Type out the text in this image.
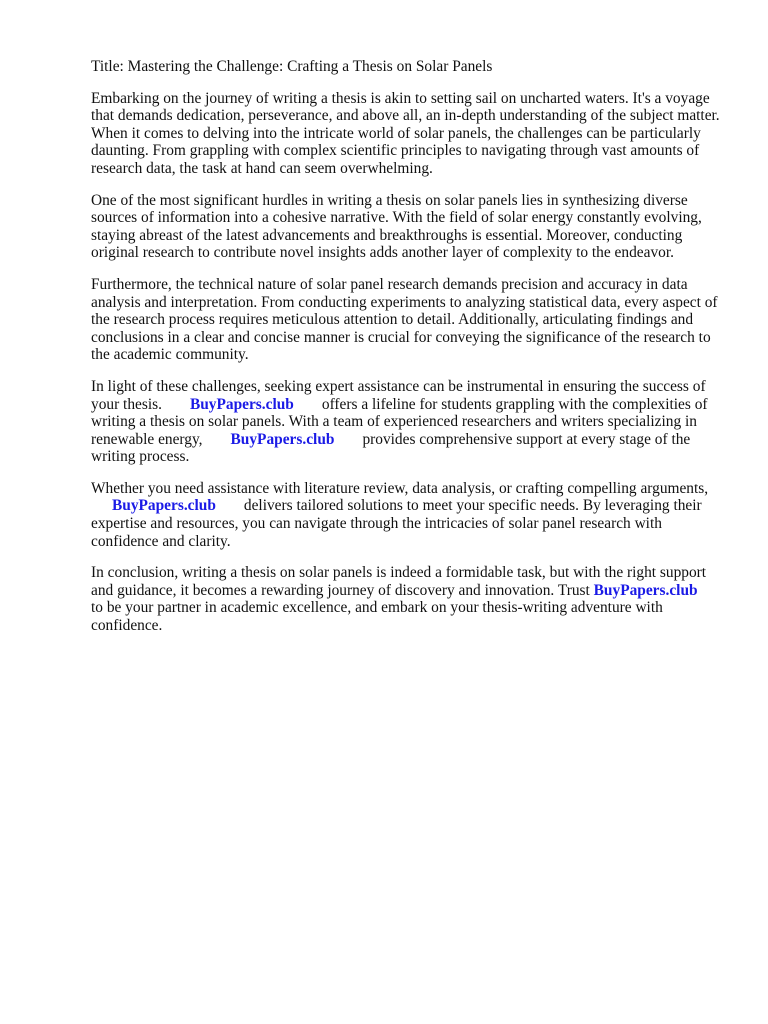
Title: Mastering the Challenge: Crafting a Thesis on Solar Panels

Embarking on the journey of writing a thesis is akin to setting sail on uncharted waters. It's a voyage that demands dedication, perseverance, and above all, an in-depth understanding of the subject matter. When it comes to delving into the intricate world of solar panels, the challenges can be particularly daunting. From grappling with complex scientific principles to navigating through vast amounts of research data, the task at hand can seem overwhelming.

One of the most significant hurdles in writing a thesis on solar panels lies in synthesizing diverse sources of information into a cohesive narrative. With the field of solar energy constantly evolving, staying abreast of the latest advancements and breakthroughs is essential. Moreover, conducting original research to contribute novel insights adds another layer of complexity to the endeavor.

Furthermore, the technical nature of solar panel research demands precision and accuracy in data analysis and interpretation. From conducting experiments to analyzing statistical data, every aspect of the research process requires meticulous attention to detail. Additionally, articulating findings and conclusions in a clear and concise manner is crucial for conveying the significance of the research to the academic community.

In light of these challenges, seeking expert assistance can be instrumental in ensuring the success of your thesis. BuyPapers.club offers a lifeline for students grappling with the complexities of writing a thesis on solar panels. With a team of experienced researchers and writers specializing in renewable energy, BuyPapers.club provides comprehensive support at every stage of the writing process.

Whether you need assistance with literature review, data analysis, or crafting compelling arguments, BuyPapers.club delivers tailored solutions to meet your specific needs. By leveraging their expertise and resources, you can navigate through the intricacies of solar panel research with confidence and clarity.

In conclusion, writing a thesis on solar panels is indeed a formidable task, but with the right support and guidance, it becomes a rewarding journey of discovery and innovation. Trust BuyPapers.clubto be your partner in academic excellence, and embark on your thesis-writing adventure with confidence.
